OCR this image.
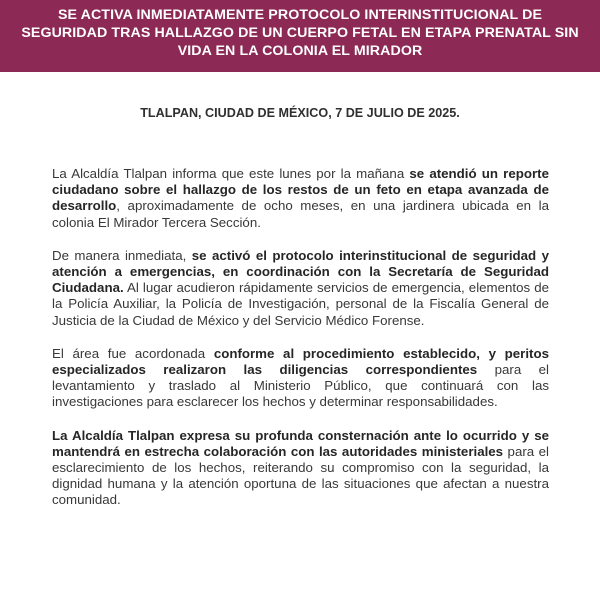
SE ACTIVA INMEDIATAMENTE PROTOCOLO INTERINSTITUCIONAL DE SEGURIDAD TRAS HALLAZGO DE UN CUERPO FETAL EN ETAPA PRENATAL SIN VIDA EN LA COLONIA EL MIRADOR
TLALPAN, CIUDAD DE MÉXICO, 7 DE JULIO DE 2025.

La Alcaldía Tlalpan informa que este lunes por la mañana se atendió un reporte ciudadano sobre el hallazgo de los restos de un feto en etapa avanzada de desarrollo, aproximadamente de ocho meses, en una jardinera ubicada en la colonia El Mirador Tercera Sección.

De manera inmediata, se activó el protocolo interinstitucional de seguridad y atención a emergencias, en coordinación con la Secretaría de Seguridad Ciudadana. Al lugar acudieron rápidamente servicios de emergencia, elementos de la Policía Auxiliar, la Policía de Investigación, personal de la Fiscalía General de Justicia de la Ciudad de México y del Servicio Médico Forense.

El área fue acordonada conforme al procedimiento establecido, y peritos especializados realizaron las diligencias correspondientes para el levantamiento y traslado al Ministerio Público, que continuará con las investigaciones para esclarecer los hechos y determinar responsabilidades.

La Alcaldía Tlalpan expresa su profunda consternación ante lo ocurrido y se mantendrá en estrecha colaboración con las autoridades ministeriales para el esclarecimiento de los hechos, reiterando su compromiso con la seguridad, la dignidad humana y la atención oportuna de las situaciones que afectan a nuestra comunidad.
